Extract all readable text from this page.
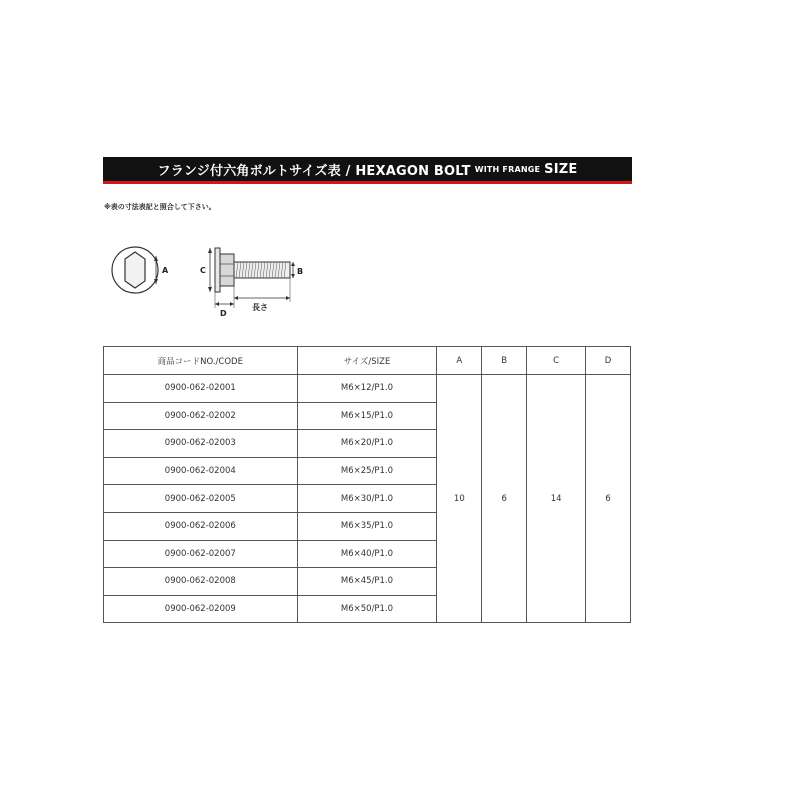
フランジ付六角ボルトサイズ表 / HEXAGON BOLT WITH FRANGE SIZE
※表の寸法表記と照合して下さい。
A	C	B
D
長さ
商品コードNO./CODE	サイズ/SIZE	A	B	C	D
0900-062-02001	M6×12/P1.0	10	6	14	6
0900-062-02002	M6×15/P1.0				
0900-062-02003	M6×20/P1.0				
0900-062-02004	M6×25/P1.0				
0900-062-02005	M6×30/P1.0				
0900-062-02006	M6×35/P1.0				
0900-062-02007	M6×40/P1.0				
0900-062-02008	M6×45/P1.0				
0900-062-02009	M6×50/P1.0				
